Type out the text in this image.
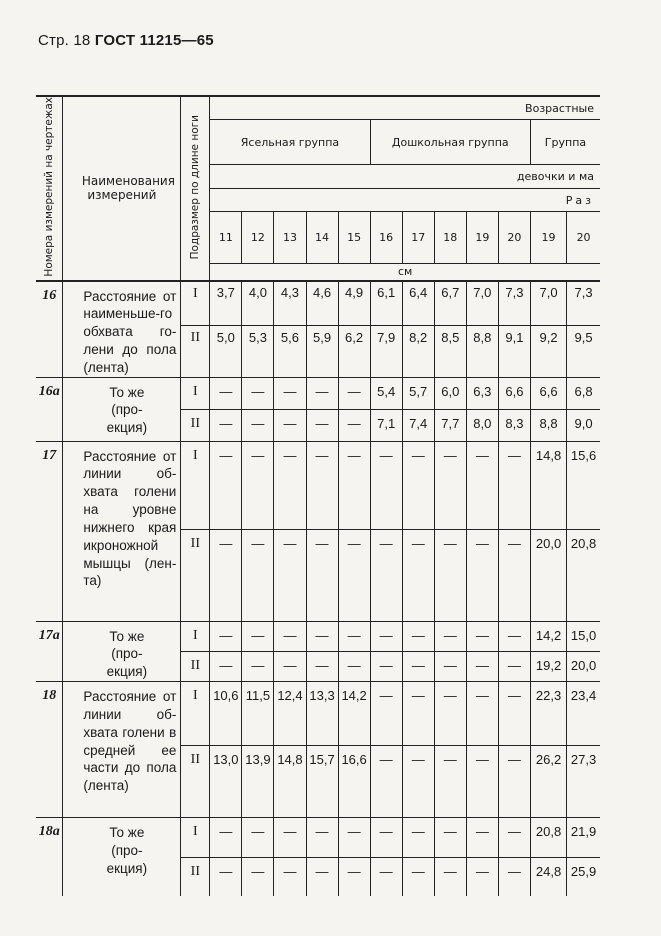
Стр. 18 ГОСТ 11215—65
Номера измерений на чертежах	Наименования измерений	Подразмер по длине ноги	Возрастные											
			Ясельная группа					Дошкольная группа					Группа	
			девочки и ма											
			Раз											
			11	12	13	14	15	16	17	18	19	20	19	20
			см											

16	Расстояние от наименьше-го обхвата го-лени до пола (лента)	I	3,7	4,0	4,3	4,6	4,9	6,1	6,4	6,7	7,0	7,3	7,0	7,3
		II	5,0	5,3	5,6	5,9	6,2	7,9	8,2	8,5	8,8	9,1	9,2	9,5
16а	То же (про-екция)	I	—	—	—	—	—	5,4	5,7	6,0	6,3	6,6	6,6	6,8
		II	—	—	—	—	—	7,1	7,4	7,7	8,0	8,3	8,8	9,0
17	Расстояние от линии об-хвата голени на уровне нижнего края икроножной мышцы (лен-та)	I	—	—	—	—	—	—	—	—	—	—	14,8	15,6
		II	—	—	—	—	—	—	—	—	—	—	20,0	20,8
17а	То же (про-екция)	I	—	—	—	—	—	—	—	—	—	—	14,2	15,0
		II	—	—	—	—	—	—	—	—	—	—	19,2	20,0
18	Расстояние от линии об-хвата голени в средней ее части до пола (лента)	I	10,6	11,5	12,4	13,3	14,2	—	—	—	—	—	22,3	23,4
		II	13,0	13,9	14,8	15,7	16,6	—	—	—	—	—	26,2	27,3
18а	То же (про-екция)	I	—	—	—	—	—	—	—	—	—	—	20,8	21,9
		II	—	—	—	—	—	—	—	—	—	—	24,8	25,9
